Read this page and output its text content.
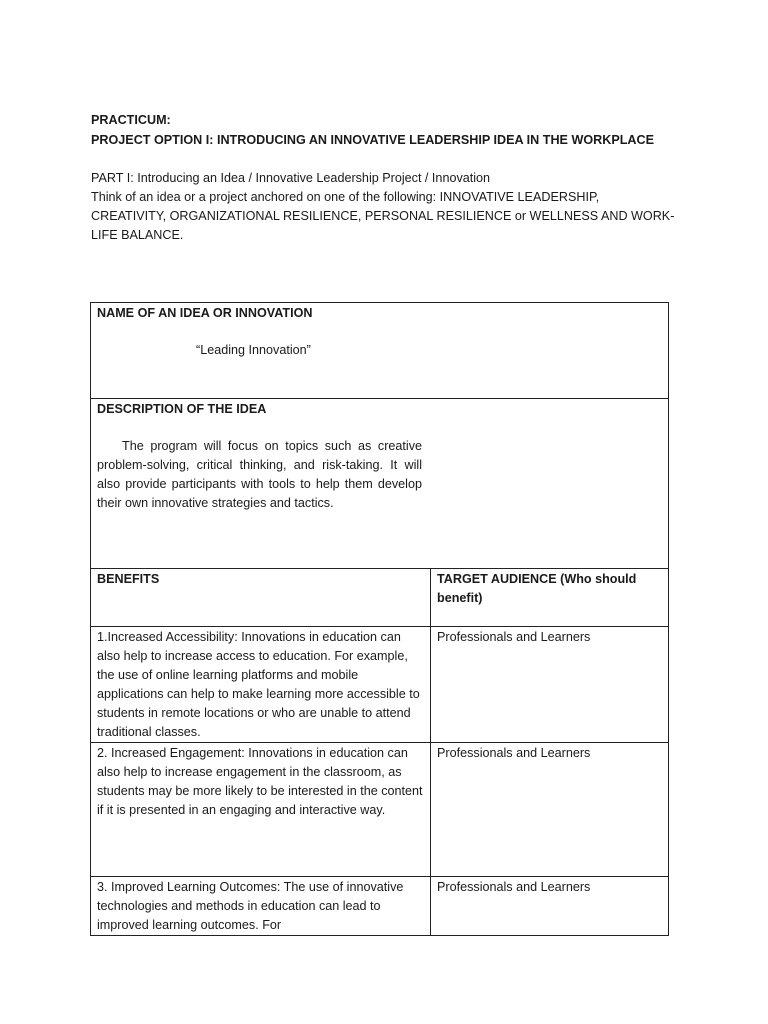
PRACTICUM:
PROJECT OPTION I: INTRODUCING AN INNOVATIVE LEADERSHIP IDEA IN THE WORKPLACE
PART I: Introducing an Idea / Innovative Leadership Project / Innovation
Think of an idea or a project anchored on one of the following: INNOVATIVE LEADERSHIP,
CREATIVITY, ORGANIZATIONAL RESILIENCE, PERSONAL RESILIENCE or WELLNESS AND WORK-
LIFE BALANCE.
NAME OF AN IDEA OR INNOVATION
“Leading Innovation”	

DESCRIPTION OF THE IDEA
The program will focus on topics such as creative problem-solving, critical thinking, and risk-taking. It will also provide participants with tools to help them develop their own innovative strategies and tactics.	

BENEFITS	TARGET AUDIENCE (Who should benefit)

1.Increased Accessibility: Innovations in education can also help to increase access to education. For example, the use of online learning platforms and mobile applications can help to make learning more accessible to students in remote locations or who are unable to attend traditional classes.	Professionals and Learners

2. Increased Engagement: Innovations in education can also help to increase engagement in the classroom, as students may be more likely to be interested in the content if it is presented in an engaging and interactive way.	Professionals and Learners

3. Improved Learning Outcomes: The use of innovative technologies and methods in education can lead to improved learning outcomes. For	Professionals and Learners
